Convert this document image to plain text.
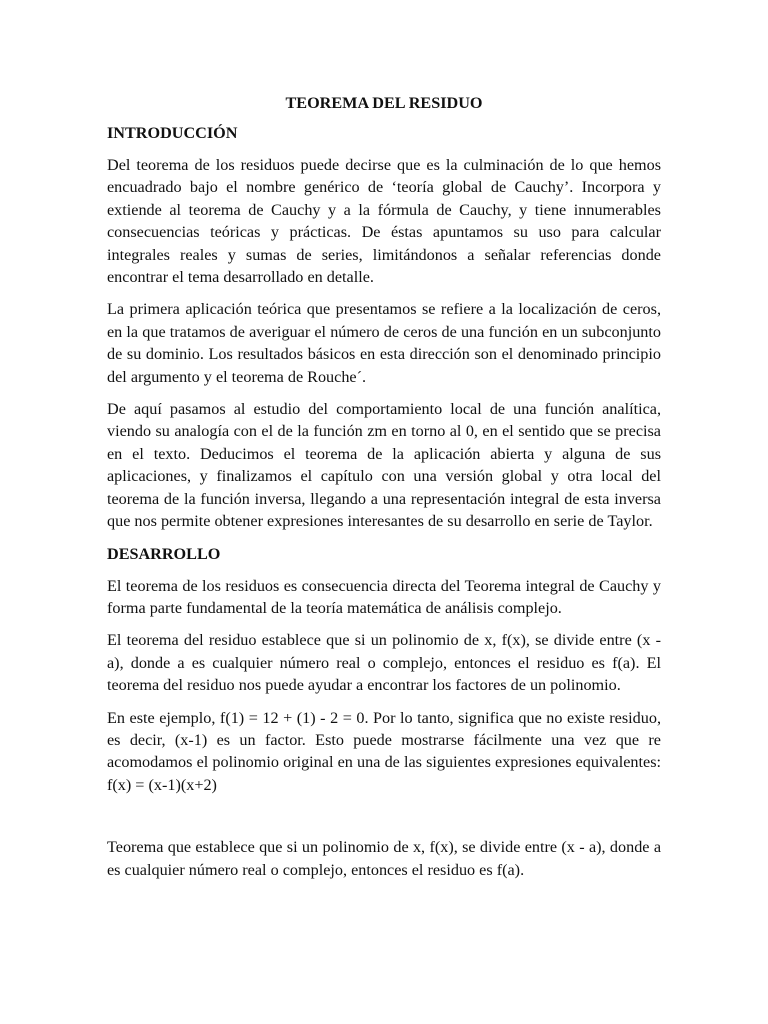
TEOREMA DEL RESIDUO
INTRODUCCIÓN

Del teorema de los residuos puede decirse que es la culminación de lo que hemos encuadrado bajo el nombre genérico de ‘teoría global de Cauchy’. Incorpora y extiende al teorema de Cauchy y a la fórmula de Cauchy, y tiene innumerables consecuencias teóricas y prácticas. De éstas apuntamos su uso para calcular integrales reales y sumas de series, limitándonos a señalar referencias donde encontrar el tema desarrollado en detalle.

La primera aplicación teórica que presentamos se refiere a la localización de ceros, en la que tratamos de averiguar el número de ceros de una función en un subconjunto de su dominio. Los resultados básicos en esta dirección son el denominado principio del argumento y el teorema de Rouche´.

De aquí pasamos al estudio del comportamiento local de una función analítica, viendo su analogía con el de la función zm en torno al 0, en el sentido que se precisa en el texto. Deducimos el teorema de la aplicación abierta y alguna de sus aplicaciones, y finalizamos el capítulo con una versión global y otra local del teorema de la función inversa, llegando a una representación integral de esta inversa que nos permite obtener expresiones interesantes de su desarrollo en serie de Taylor.

DESARROLLO

El teorema de los residuos es consecuencia directa del Teorema integral de Cauchy y forma parte fundamental de la teoría matemática de análisis complejo.

El teorema del residuo establece que si un polinomio de x, f(x), se divide entre (x - a), donde a es cualquier número real o complejo, entonces el residuo es f(a). El teorema del residuo nos puede ayudar a encontrar los factores de un polinomio.

En este ejemplo, f(1) = 12 + (1) - 2 = 0. Por lo tanto, significa que no existe residuo, es decir, (x-1) es un factor. Esto puede mostrarse fácilmente una vez que re acomodamos el polinomio original en una de las siguientes expresiones equivalentes: f(x) = (x-1)(x+2)

Teorema que establece que si un polinomio de x, f(x), se divide entre (x - a), donde a es cualquier número real o complejo, entonces el residuo es f(a).
